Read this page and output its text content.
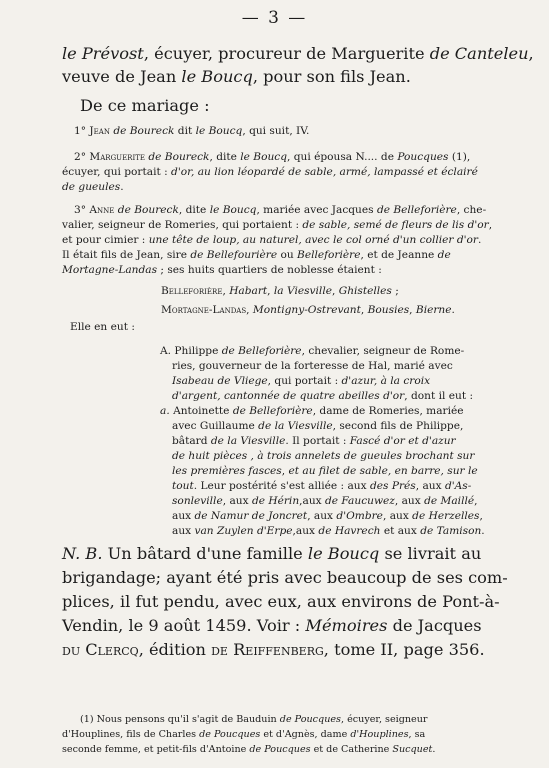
— 3 —
le Prévost, écuyer, procureur de Marguerite de Canteleu,
veuve de Jean le Boucq, pour son fils Jean.
De ce mariage :
1° Jean de Boureck dit le Boucq, qui suit, IV.
2° Marguerite de Boureck, dite le Boucq, qui épousa N.... de Poucques (1),
écuyer, qui portait : d'or, au lion léopardé de sable, armé, lampassé et éclairé
de gueules.
3° Anne de Boureck, dite le Boucq, mariée avec Jacques de Belleforière, che-
valier, seigneur de Romeries, qui portaient : de sable, semé de fleurs de lis d'or,
et pour cimier : une tête de loup, au naturel, avec le col orné d'un collier d'or.
Il était fils de Jean, sire de Bellefourière ou Belleforière, et de Jeanne de
Mortagne-Landas ; ses huits quartiers de noblesse étaient :
Belleforière, Habart, la Viesville, Ghistelles ;
Mortagne-Landas, Montigny-Ostrevant, Bousies, Bierne.
Elle en eut :
A. Philippe de Belleforière, chevalier, seigneur de Rome-
ries, gouverneur de la forteresse de Hal, marié avec
Isabeau de Vliege, qui portait : d'azur, à la croix
d'argent, cantonnée de quatre abeilles d'or, dont il eut :
a. Antoinette de Belleforière, dame de Romeries, mariée
avec Guillaume de la Viesville, second fils de Philippe,
bâtard de la Viesville. Il portait : Fascé d'or et d'azur
de huit pièces , à trois annelets de gueules brochant sur
les premières fasces, et au filet de sable, en barre, sur le
tout. Leur postérité s'est alliée : aux des Prés, aux d'As-
sonleville, aux de Hérin,aux de Faucuwez, aux de Maillé,
aux de Namur de Joncret, aux d'Ombre, aux de Herzelles,
aux van Zuylen d'Erpe,aux de Havrech et aux de Tamison.
N. B. Un bâtard d'une famille le Boucq se livrait au
brigandage; ayant été pris avec beaucoup de ses com-
plices, il fut pendu, avec eux, aux environs de Pont-à-
Vendin, le 9 août 1459. Voir : Mémoires de Jacques
du Clercq, édition de Reiffenberg, tome II, page 356.
(1) Nous pensons qu'il s'agit de Bauduin de Poucques, écuyer, seigneur
d'Houplines, fils de Charles de Poucques et d'Agnès, dame d'Houplines, sa
seconde femme, et petit-fils d'Antoine de Poucques et de Catherine Sucquet.
